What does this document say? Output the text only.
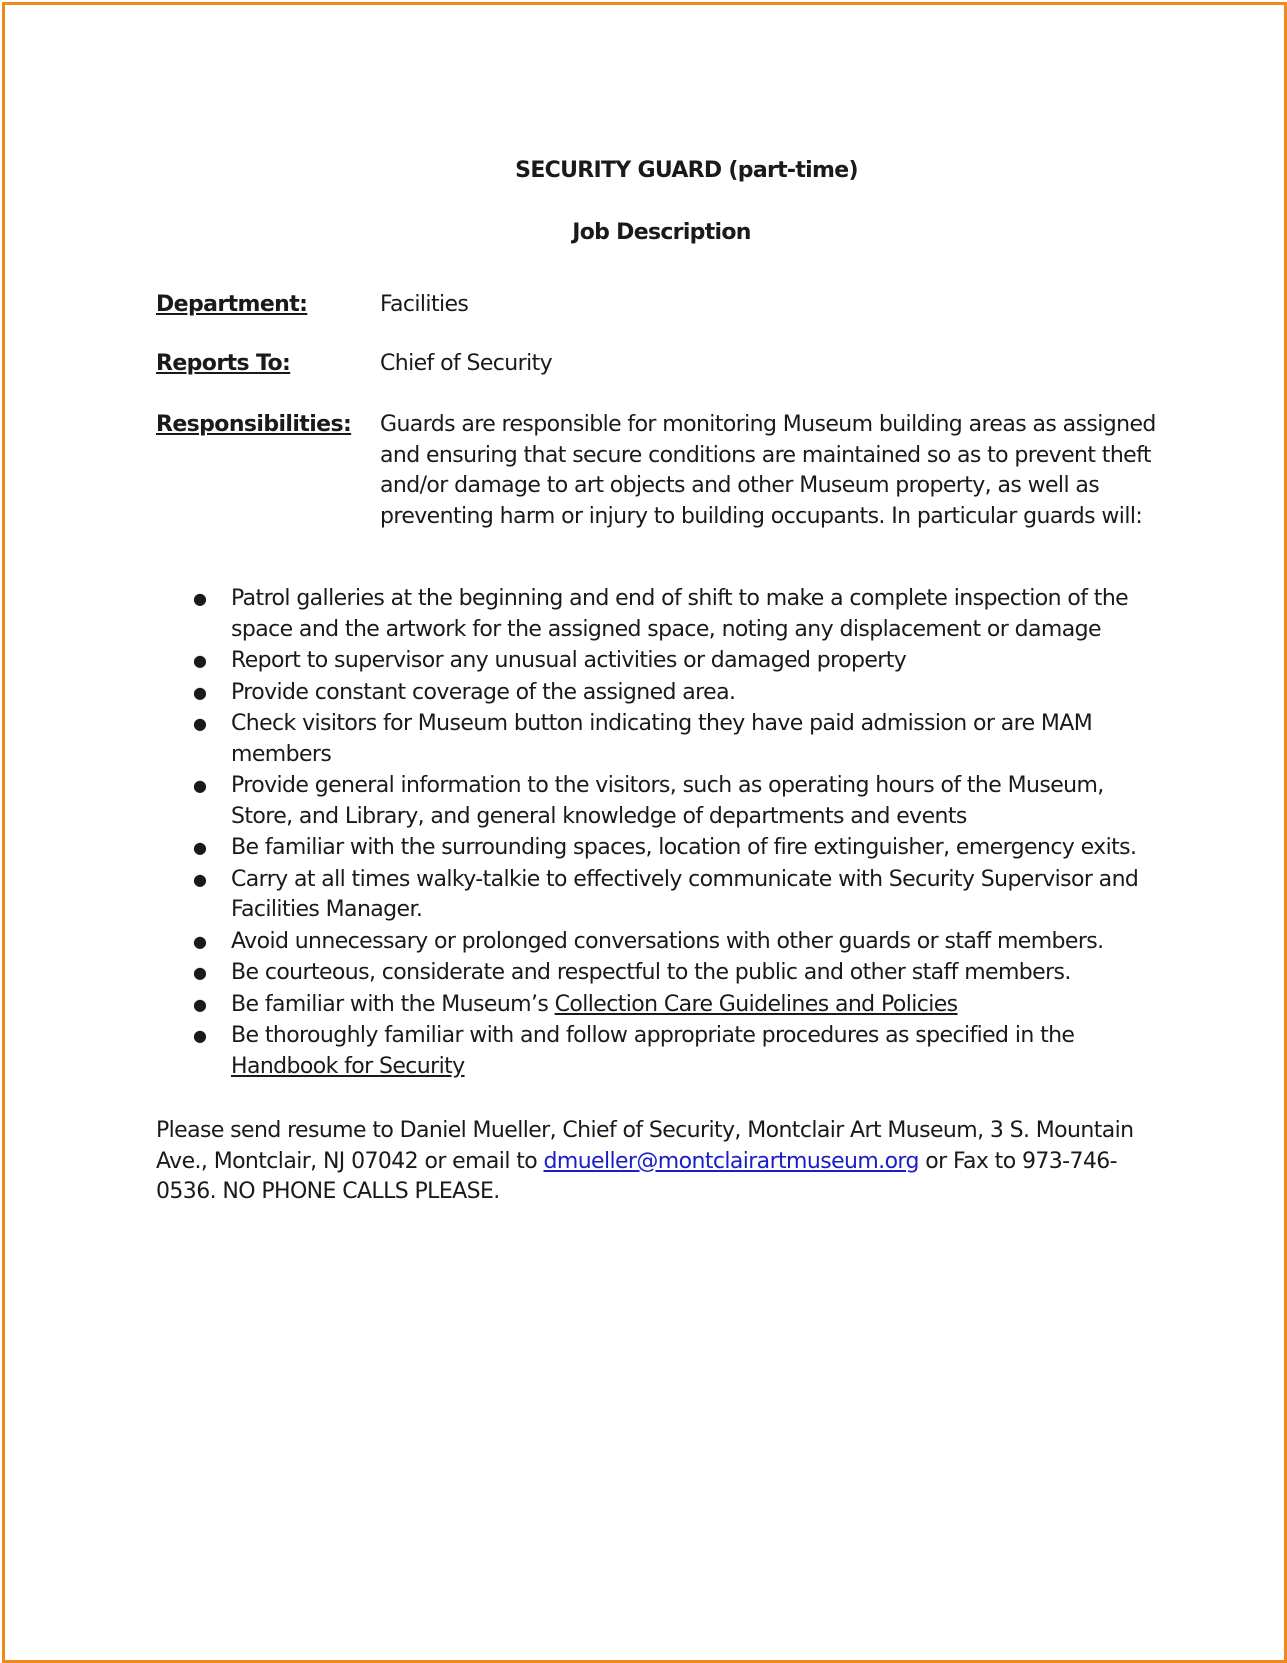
SECURITY GUARD (part-time)
Job Description
Department:	Facilities
Reports To:	Chief of Security
Responsibilities: Guards are responsible for monitoring Museum building areas as assigned and ensuring that secure conditions are maintained so as to prevent theft and/or damage to art objects and other Museum property, as well as preventing harm or injury to building occupants. In particular guards will:
● Patrol galleries at the beginning and end of shift to make a complete inspection of the space and the artwork for the assigned space, noting any displacement or damage
● Report to supervisor any unusual activities or damaged property
● Provide constant coverage of the assigned area.
● Check visitors for Museum button indicating they have paid admission or are MAM members
● Provide general information to the visitors, such as operating hours of the Museum, Store, and Library, and general knowledge of departments and events
● Be familiar with the surrounding spaces, location of fire extinguisher, emergency exits.
● Carry at all times walky-talkie to effectively communicate with Security Supervisor and Facilities Manager.
● Avoid unnecessary or prolonged conversations with other guards or staff members.
● Be courteous, considerate and respectful to the public and other staff members.
● Be familiar with the Museum’s Collection Care Guidelines and Policies
● Be thoroughly familiar with and follow appropriate procedures as specified in the Handbook for Security
Please send resume to Daniel Mueller, Chief of Security, Montclair Art Museum, 3 S. Mountain Ave., Montclair, NJ 07042 or email to dmueller@montclairartmuseum.org or Fax to 973-746-0536. NO PHONE CALLS PLEASE.
